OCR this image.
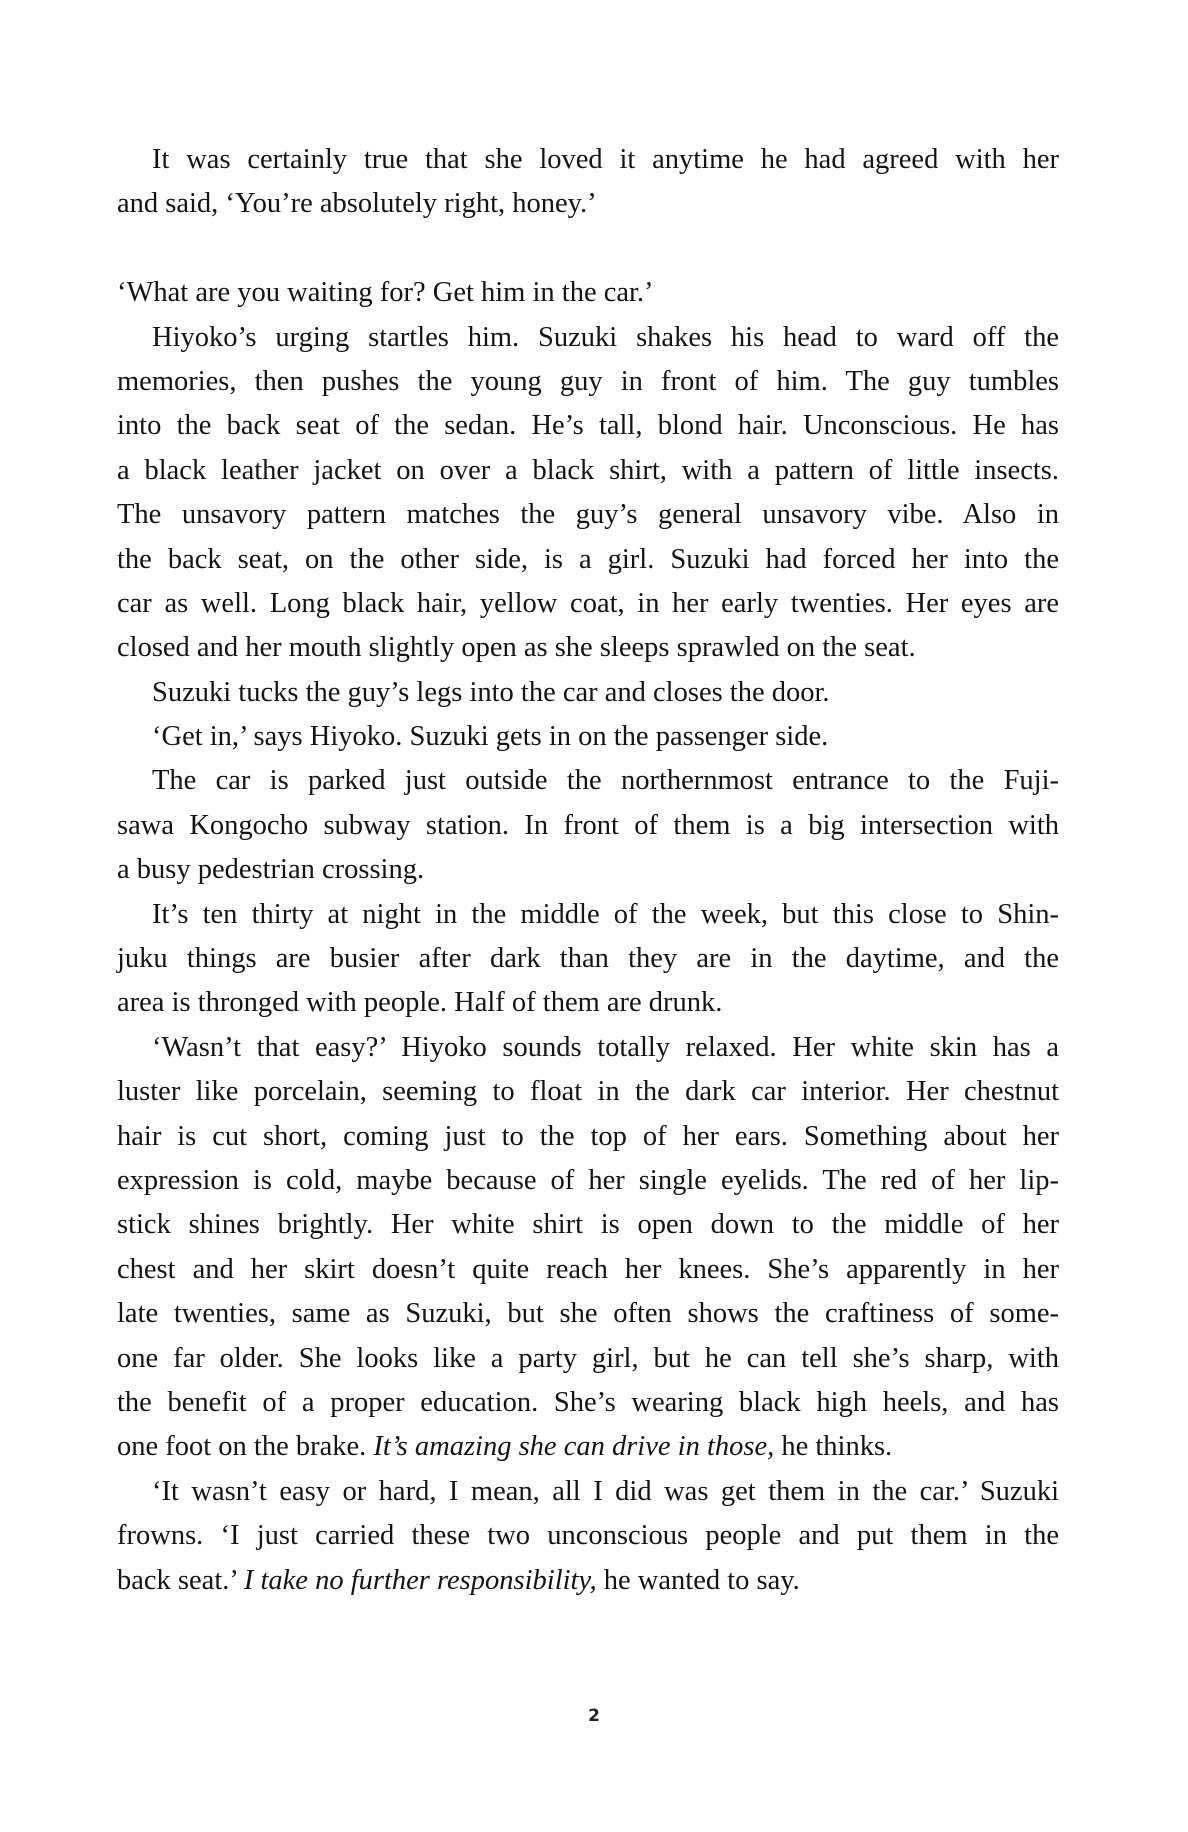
It was certainly true that she loved it anytime he had agreed with her
and said, ‘You’re absolutely right, honey.’
‘What are you waiting for? Get him in the car.’
Hiyoko’s urging startles him. Suzuki shakes his head to ward off the
memories, then pushes the young guy in front of him. The guy tumbles
into the back seat of the sedan. He’s tall, blond hair. Unconscious. He has
a black leather jacket on over a black shirt, with a pattern of little insects.
The unsavory pattern matches the guy’s general unsavory vibe. Also in
the back seat, on the other side, is a girl. Suzuki had forced her into the
car as well. Long black hair, yellow coat, in her early twenties. Her eyes are
closed and her mouth slightly open as she sleeps sprawled on the seat.
Suzuki tucks the guy’s legs into the car and closes the door.
‘Get in,’ says Hiyoko. Suzuki gets in on the passenger side.
The car is parked just outside the northernmost entrance to the Fuji-
sawa Kongocho subway station. In front of them is a big intersection with
a busy pedestrian crossing.
It’s ten thirty at night in the middle of the week, but this close to Shin-
juku things are busier after dark than they are in the daytime, and the
area is thronged with people. Half of them are drunk.
‘Wasn’t that easy?’ Hiyoko sounds totally relaxed. Her white skin has a
luster like porcelain, seeming to float in the dark car interior. Her chestnut
hair is cut short, coming just to the top of her ears. Something about her
expression is cold, maybe because of her single eyelids. The red of her lip-
stick shines brightly. Her white shirt is open down to the middle of her
chest and her skirt doesn’t quite reach her knees. She’s apparently in her
late twenties, same as Suzuki, but she often shows the craftiness of some-
one far older. She looks like a party girl, but he can tell she’s sharp, with
the benefit of a proper education. She’s wearing black high heels, and has
one foot on the brake. It’s amazing she can drive in those, he thinks.
‘It wasn’t easy or hard, I mean, all I did was get them in the car.’ Suzuki
frowns. ‘I just carried these two unconscious people and put them in the
back seat.’ I take no further responsibility, he wanted to say.
2
